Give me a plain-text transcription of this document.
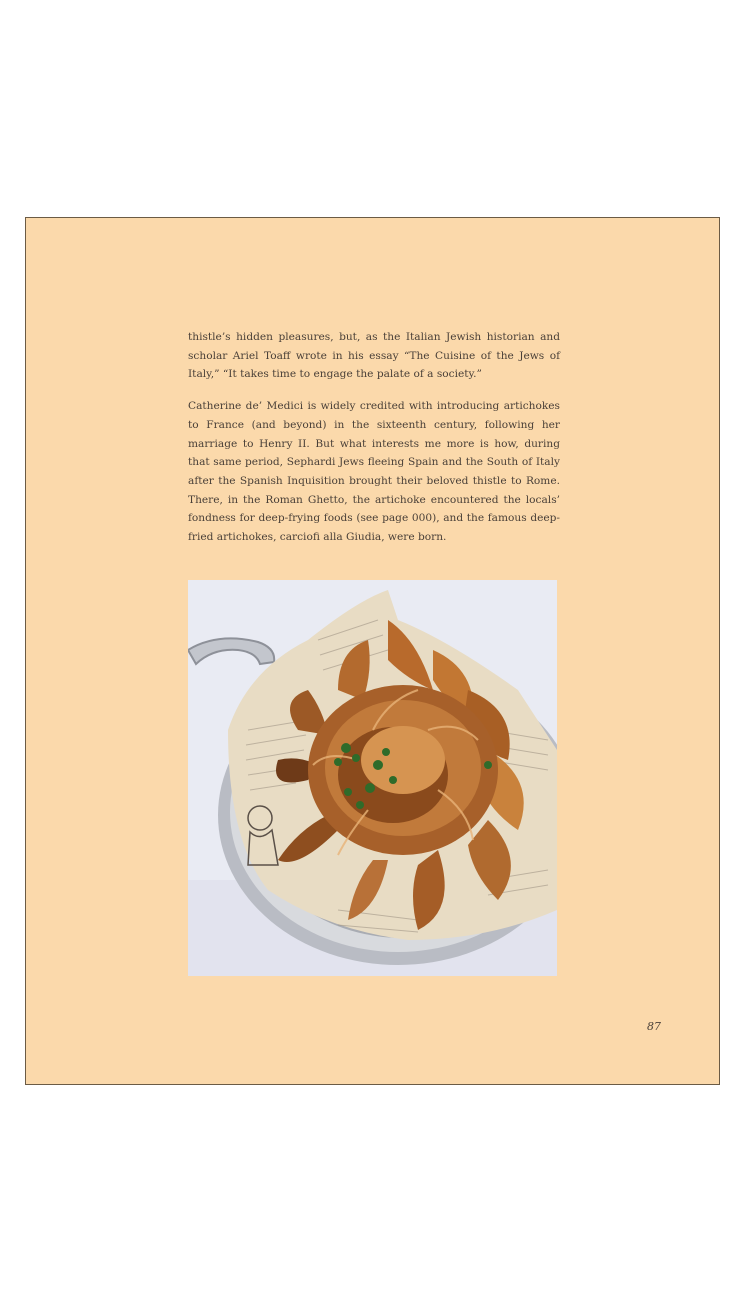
thistle’s hidden pleasures, but, as the Italian Jewish historian and scholar Ariel Toaff wrote in his essay “The Cuisine of the Jews of Italy,” “It takes time to engage the palate of a society.”

Catherine de’ Medici is widely credited with introducing artichokes to France (and beyond) in the sixteenth century, following her marriage to Henry II. But what interests me more is how, during that same period, Sephardi Jews fleeing Spain and the South of Italy after the Spanish Inquisition brought their beloved thistle to Rome. There, in the Roman Ghetto, the artichoke encountered the locals’ fondness for deep-frying foods (see page 000), and the famous deep-fried artichokes, carciofi alla Giudia, were born.

87
